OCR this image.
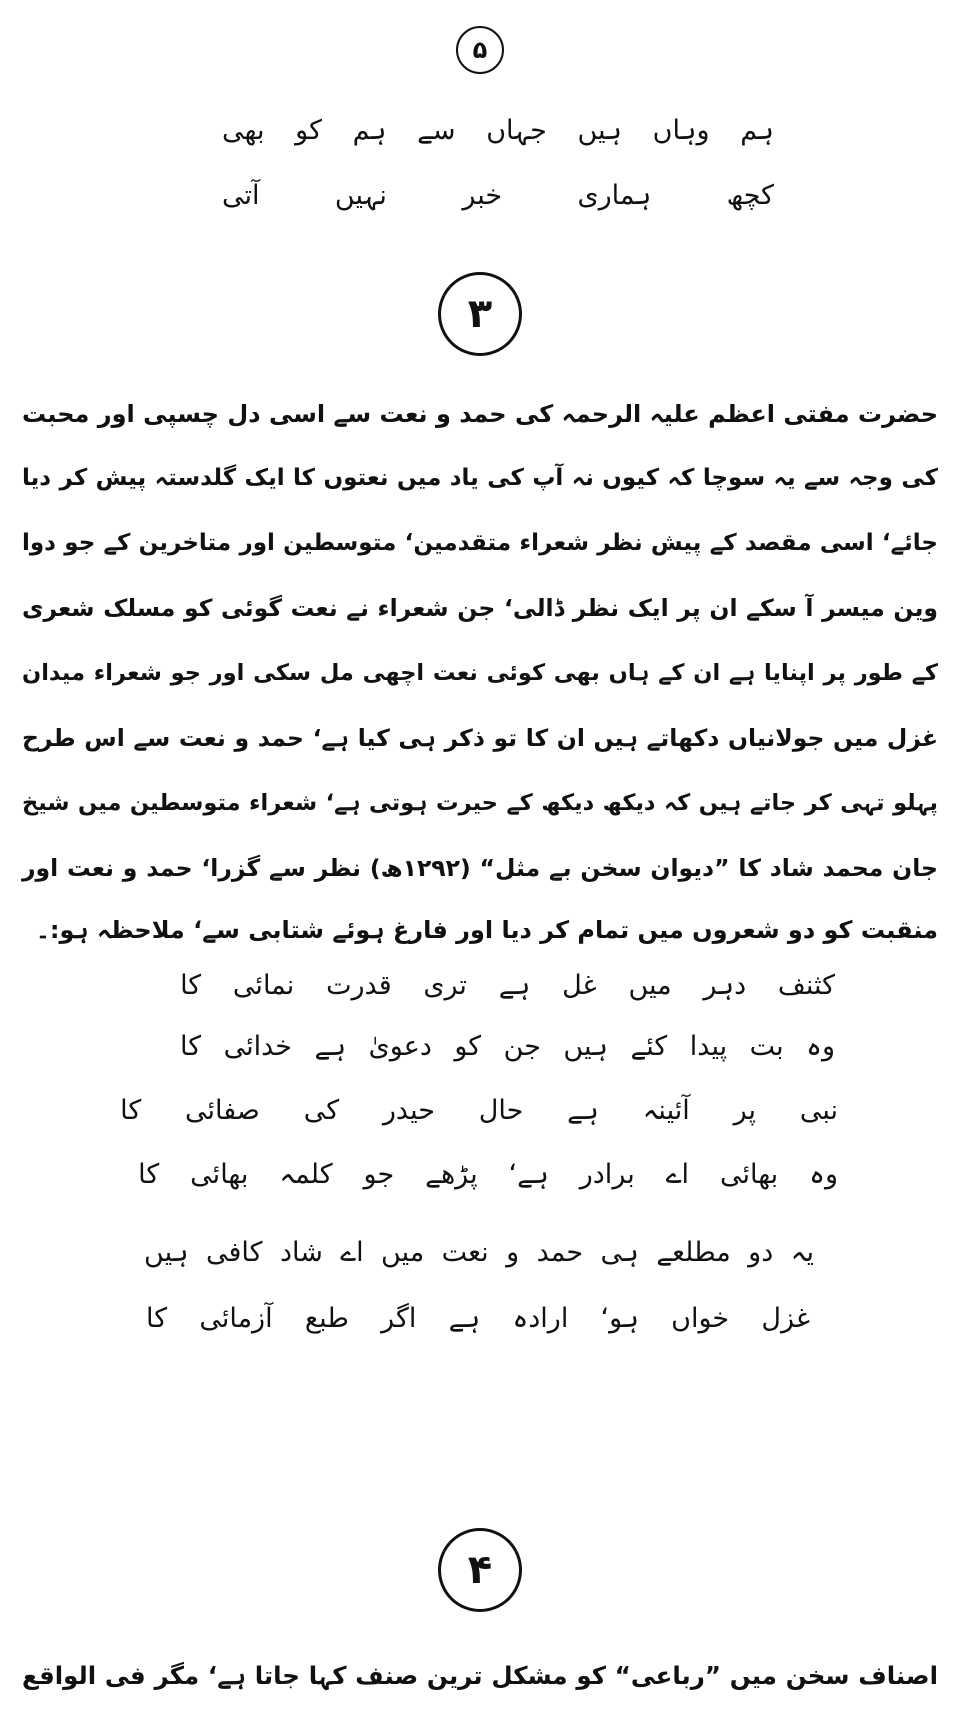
۵
ہم
وہاں
ہیں
جہاں
سے
ہم
کو
بھی
کچھ
ہماری
خبر
نہیں
آتی
۳
حضرت مفتی اعظم علیہ الرحمہ کی حمد و نعت سے اسی دل چسپی اور محبت
کی وجہ سے یہ سوچا کہ کیوں نہ آپ کی یاد میں نعتوں کا ایک گلدستہ پیش کر دیا
جائے‘ اسی مقصد کے پیش نظر شعراء متقدمین‘ متوسطین اور متاخرین کے جو دوا
وین میسر آ سکے ان پر ایک نظر ڈالی‘ جن شعراء نے نعت گوئی کو مسلک شعری
کے طور پر اپنایا ہے ان کے ہاں بھی کوئی نعت اچھی مل سکی اور جو شعراء میدان
غزل میں جولانیاں دکھاتے ہیں ان کا تو ذکر ہی کیا ہے‘ حمد و نعت سے اس طرح
پہلو تہی کر جاتے ہیں کہ دیکھ دیکھ کے حیرت ہوتی ہے‘ شعراء متوسطین میں شیخ
جان محمد شاد کا ”دیوان سخن بے مثل“ (۱۲۹۲ھ) نظر سے گزرا‘ حمد و نعت اور
منقبت کو دو شعروں میں تمام کر دیا اور فارغ ہوئے شتابی سے‘ ملاحظہ ہو:۔
کثنف
دہر
میں
غل
ہے
تری
قدرت
نمائی
کا
وہ
بت
پیدا
کئے
ہیں
جن
کو
دعویٰ
ہے
خدائی
کا
نبی
پر
آئینہ
ہے
حال
حیدر
کی
صفائی
کا
وہ
بھائی
اے
برادر
ہے‘
پڑھے
جو
کلمہ
بھائی
کا
یہ
دو
مطلعے
ہی
حمد
و
نعت
میں
اے
شاد
کافی
ہیں
غزل
خواں
ہو‘
ارادہ
ہے
اگر
طبع
آزمائی
کا
۴
اصناف سخن میں ”رباعی“ کو مشکل ترین صنف کہا جاتا ہے‘ مگر فی الواقع
